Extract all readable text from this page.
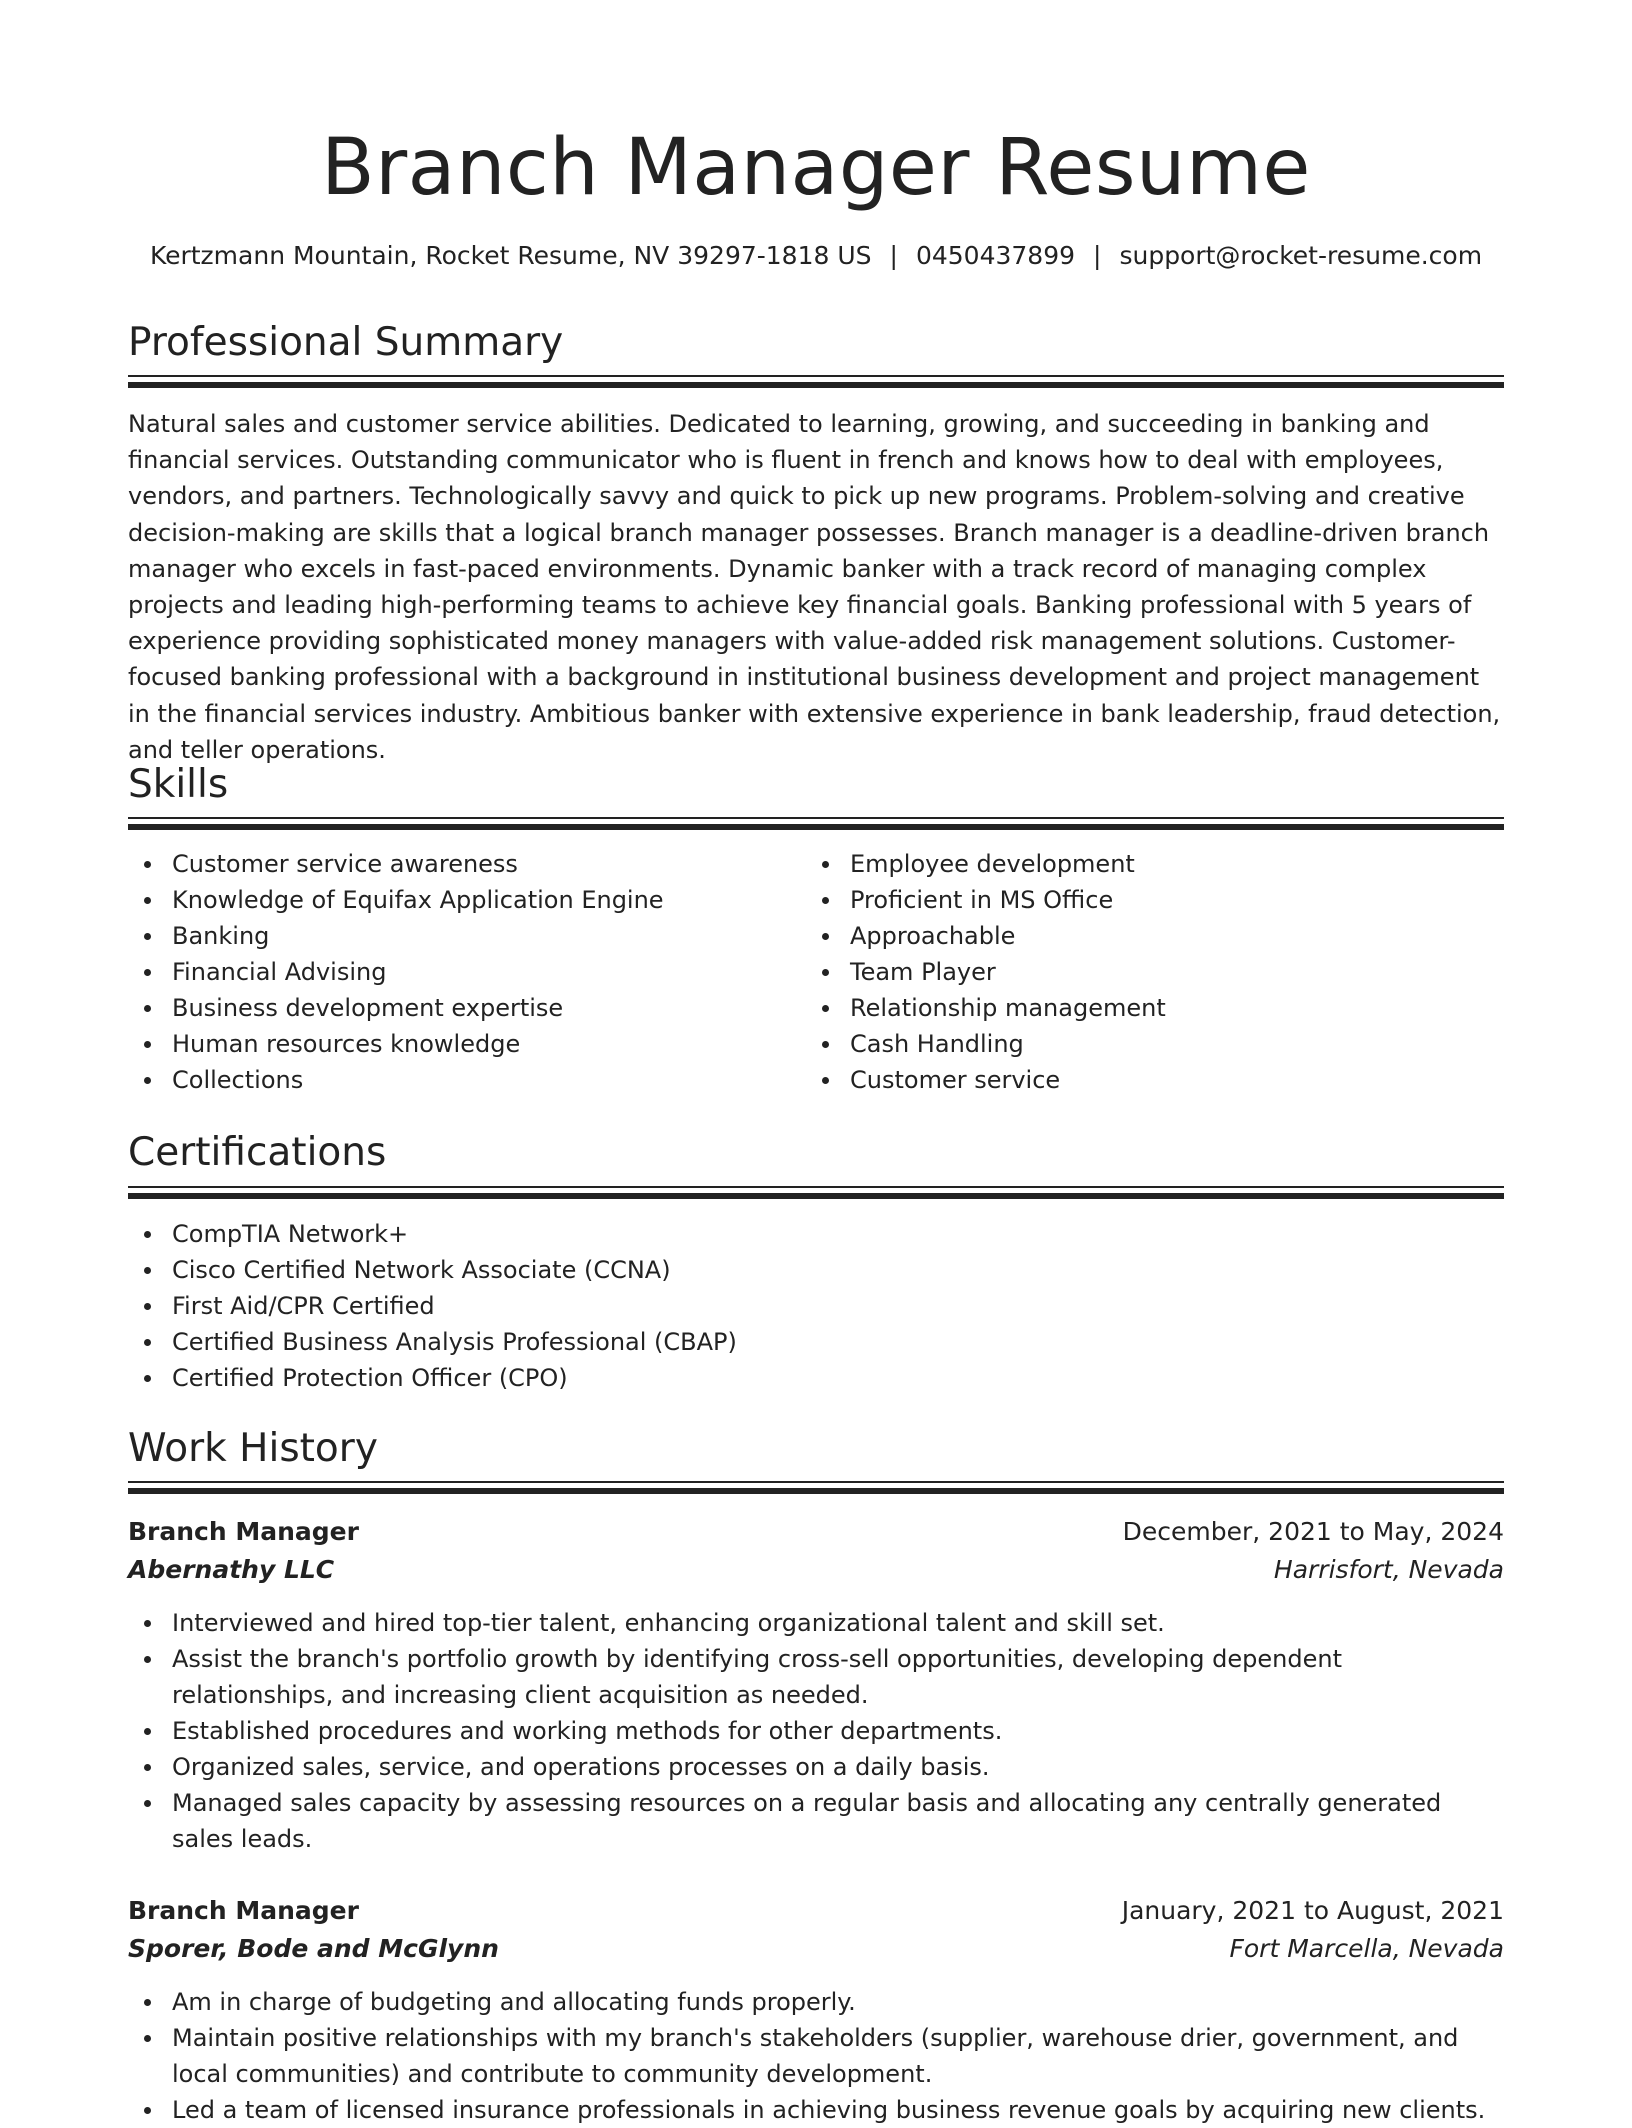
Branch Manager Resume
Kertzmann Mountain, Rocket Resume, NV 39297-1818 US | 0450437899 | support@rocket-resume.com
Professional Summary

Natural sales and customer service abilities. Dedicated to learning, growing, and succeeding in banking and financial services. Outstanding communicator who is fluent in french and knows how to deal with employees, vendors, and partners. Technologically savvy and quick to pick up new programs. Problem-solving and creative decision-making are skills that a logical branch manager possesses. Branch manager is a deadline-driven branch manager who excels in fast-paced environments. Dynamic banker with a track record of managing complex projects and leading high-performing teams to achieve key financial goals. Banking professional with 5 years of experience providing sophisticated money managers with value-added risk management solutions. Customer-focused banking professional with a background in institutional business development and project management in the financial services industry. Ambitious banker with extensive experience in bank leadership, fraud detection, and teller operations.

Skills
Customer service awareness
Knowledge of Equifax Application Engine
Banking
Financial Advising
Business development expertise
Human resources knowledge
Collections
Employee development
Proficient in MS Office
Approachable
Team Player
Relationship management
Cash Handling
Customer service
Certifications
CompTIA Network+
Cisco Certified Network Associate (CCNA)
First Aid/CPR Certified
Certified Business Analysis Professional (CBAP)
Certified Protection Officer (CPO)
Work History
Branch Manager	December, 2021 to May, 2024
Abernathy LLC	Harrisfort, Nevada
Interviewed and hired top-tier talent, enhancing organizational talent and skill set.
Assist the branch's portfolio growth by identifying cross-sell opportunities, developing dependent relationships, and increasing client acquisition as needed.
Established procedures and working methods for other departments.
Organized sales, service, and operations processes on a daily basis.
Managed sales capacity by assessing resources on a regular basis and allocating any centrally generated sales leads.
Branch Manager	January, 2021 to August, 2021
Sporer, Bode and McGlynn	Fort Marcella, Nevada
Am in charge of budgeting and allocating funds properly.
Maintain positive relationships with my branch's stakeholders (supplier, warehouse drier, government, and local communities) and contribute to community development.
Led a team of licensed insurance professionals in achieving business revenue goals by acquiring new clients.
